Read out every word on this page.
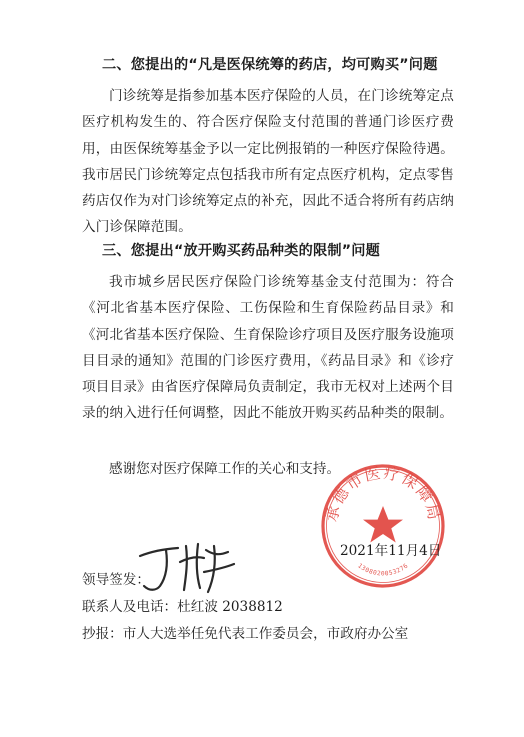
二、您提出的“凡是医保统筹的药店，均可购买”问题
门诊统筹是指参加基本医疗保险的人员，在门诊统筹定点医疗机构发生的、符合医疗保险支付范围的普通门诊医疗费用，由医保统筹基金予以一定比例报销的一种医疗保险待遇。我市居民门诊统筹定点包括我市所有定点医疗机构，定点零售药店仅作为对门诊统筹定点的补充，因此不适合将所有药店纳入门诊保障范围。
三、您提出“放开购买药品种类的限制”问题
我市城乡居民医疗保险门诊统筹基金支付范围为：符合《河北省基本医疗保险、工伤保险和生育保险药品目录》和《河北省基本医疗保险、生育保险诊疗项目及医疗服务设施项目目录的通知》范围的门诊医疗费用，《药品目录》和《诊疗项目目录》由省医疗保障局负责制定，我市无权对上述两个目录的纳入进行任何调整，因此不能放开购买药品种类的限制。
感谢您对医疗保障工作的关心和支持。
承德市医疗保障局
1308020053276
2021年11月4日
领导签发：
联系人及电话：杜红波 2038812
抄报：市人大选举任免代表工作委员会，市政府办公室
